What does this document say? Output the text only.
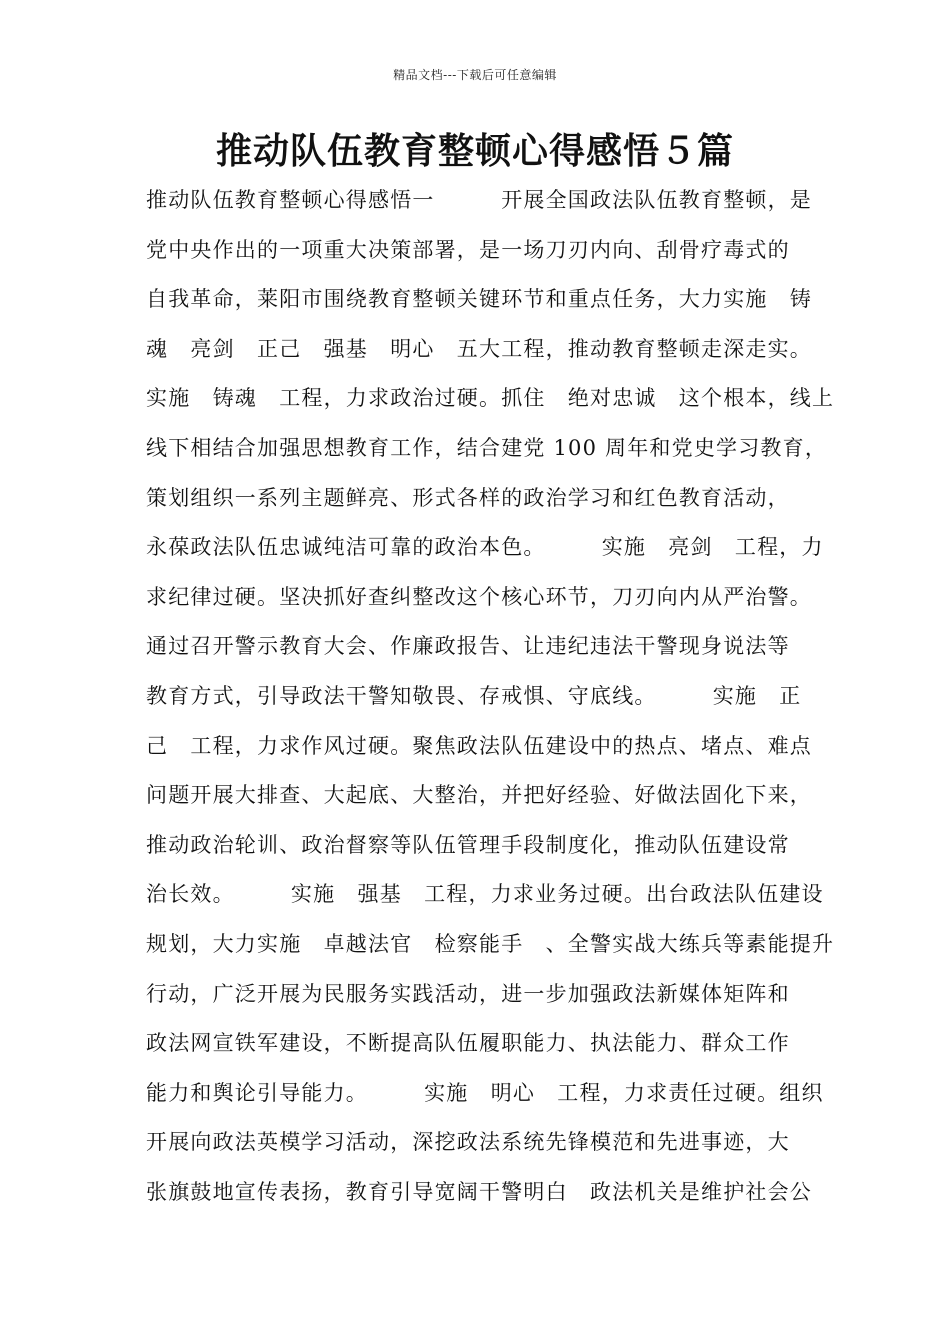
精品文档---下载后可任意编辑
推动队伍教育整顿心得感悟５篇
推动队伍教育整顿心得感悟一　　　开展全国政法队伍教育整顿，是
党中央作出的一项重大决策部署，是一场刀刃内向、刮骨疗毒式的
自我革命，莱阳市围绕教育整顿关键环节和重点任务，大力实施　铸
魂　亮剑　正己　强基　明心　五大工程，推动教育整顿走深走实。
实施　铸魂　工程，力求政治过硬。抓住　绝对忠诚　这个根本，线上
线下相结合加强思想教育工作，结合建党 100 周年和党史学习教育，
策划组织一系列主题鲜亮、形式各样的政治学习和红色教育活动，
永葆政法队伍忠诚纯洁可靠的政治本色。　　　实施　亮剑　工程，力
求纪律过硬。坚决抓好查纠整改这个核心环节，刀刃向内从严治警。
通过召开警示教育大会、作廉政报告、让违纪违法干警现身说法等
教育方式，引导政法干警知敬畏、存戒惧、守底线。　　　实施　正
己　工程，力求作风过硬。聚焦政法队伍建设中的热点、堵点、难点
问题开展大排查、大起底、大整治，并把好经验、好做法固化下来，
推动政治轮训、政治督察等队伍管理手段制度化，推动队伍建设常
治长效。　　　实施　强基　工程，力求业务过硬。出台政法队伍建设
规划，大力实施　卓越法官　检察能手　、全警实战大练兵等素能提升
行动，广泛开展为民服务实践活动，进一步加强政法新媒体矩阵和
政法网宣铁军建设，不断提高队伍履职能力、执法能力、群众工作
能力和舆论引导能力。　　　实施　明心　工程，力求责任过硬。组织
开展向政法英模学习活动，深挖政法系统先锋模范和先进事迹，大
张旗鼓地宣传表扬，教育引导宽阔干警明白　政法机关是维护社会公
